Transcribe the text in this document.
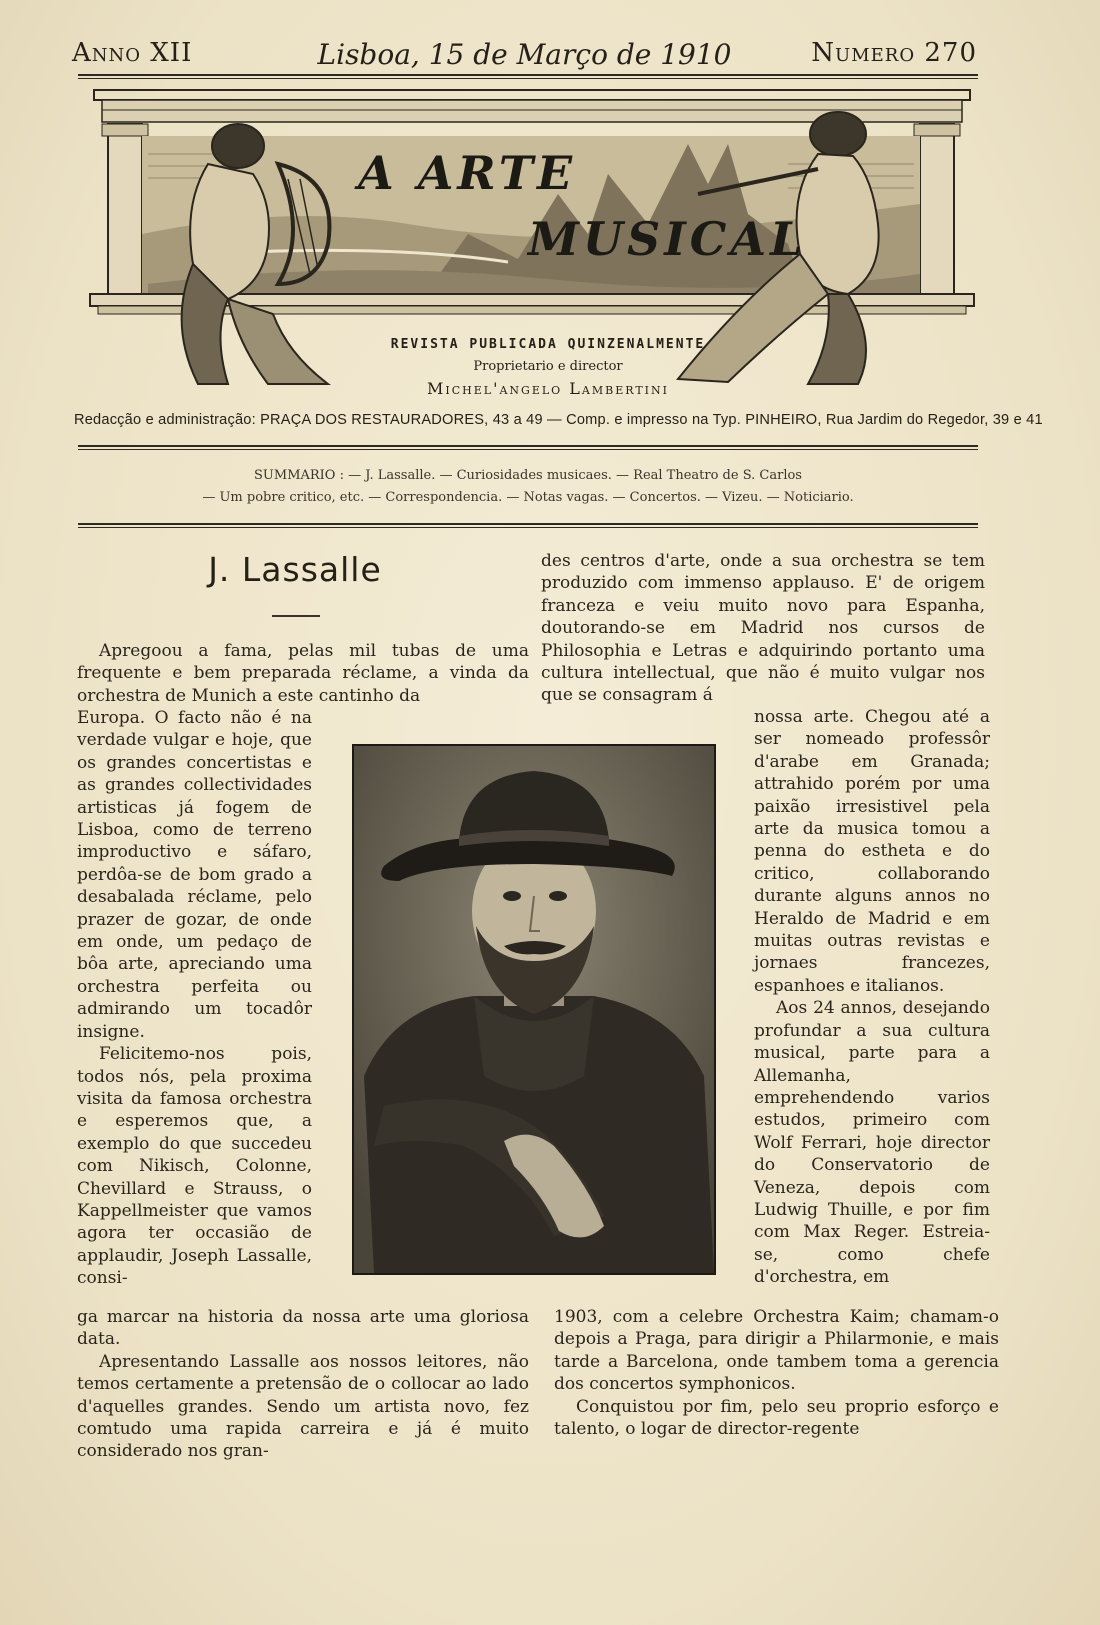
Anno XII	Lisboa, 15 de Março de 1910	Numero 270
A ARTE
MUSICAL
REVISTA PUBLICADA QUINZENALMENTE
Proprietario e director
Michel'angelo Lambertini
Redacção e administração: PRAÇA DOS RESTAURADORES, 43 a 49 — Comp. e impresso na Typ. PINHEIRO, Rua Jardim do Regedor, 39 e 41
SUMMARIO : — J. Lassalle. — Curiosidades musicaes. — Real Theatro de S. Carlos
— Um pobre critico, etc. — Correspondencia. — Notas vagas. — Concertos. — Vizeu. — Noticiario.
J. Lassalle

Apregoou a fama, pelas mil tubas de uma frequente e bem preparada réclame, a vinda da orchestra de Munich a este cantinho da

Europa. O facto não é na verdade vulgar e hoje, que os grandes concertistas e as grandes collectividades artisticas já fogem de Lisboa, como de terreno improductivo e sáfaro, perdôa-se de bom grado a desabalada réclame, pelo prazer de gozar, de onde em onde, um pedaço de bôa arte, apreciando uma orchestra perfeita ou admirando um tocadôr insigne.

Felicitemo-nos pois, todos nós, pela proxima visita da famosa orchestra e esperemos que, a exemplo do que succedeu com Nikisch, Colonne, Chevillard e Strauss, o Kappellmeister que vamos agora ter occasião de applaudir, Joseph Lassalle, consi-

ga marcar na historia da nossa arte uma gloriosa data.

Apresentando Lassalle aos nossos leitores, não temos certamente a pretensão de o collocar ao lado d'aquelles grandes. Sendo um artista novo, fez comtudo uma rapida carreira e já é muito considerado nos gran-

des centros d'arte, onde a sua orchestra se tem produzido com immenso applauso. E' de origem franceza e veiu muito novo para Espanha, doutorando-se em Madrid nos cursos de Philosophia e Letras e adquirindo portanto uma cultura intellectual, que não é muito vulgar nos que se consagram á

nossa arte. Chegou até a ser nomeado professôr d'arabe em Granada; attrahido porém por uma paixão irresistivel pela arte da musica tomou a penna do estheta e do critico, collaborando durante alguns annos no Heraldo de Madrid e em muitas outras revistas e jornaes francezes, espanhoes e italianos.

Aos 24 annos, desejando profundar a sua cultura musical, parte para a Allemanha, emprehendendo varios estudos, primeiro com Wolf Ferrari, hoje director do Conservatorio de Veneza, depois com Ludwig Thuille, e por fim com Max Reger. Estreia-se, como chefe d'orchestra, em

1903, com a celebre Orchestra Kaim; chamam-o depois a Praga, para dirigir a Philarmonie, e mais tarde a Barcelona, onde tambem toma a gerencia dos concertos symphonicos.

Conquistou por fim, pelo seu proprio esforço e talento, o logar de director-regente
